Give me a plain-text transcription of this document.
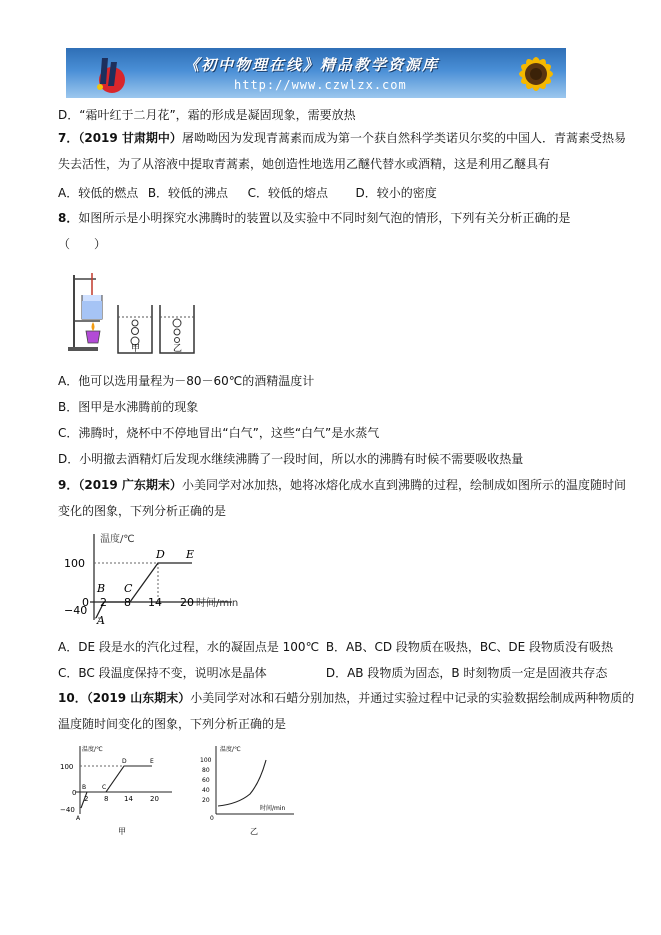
《初中物理在线》精品教学资源库
http://www.czwlzx.com
D．“霜叶红于二月花”，霜的形成是凝固现象，需要放热
7．（2019 甘肃期中）屠呦呦因为发现青蒿素而成为第一个获自然科学类诺贝尔奖的中国人．青蒿素受热易
失去活性，为了从溶液中提取青蒿素，她创造性地选用乙醚代替水或酒精，这是利用乙醚具有
A．较低的燃点 B．较低的沸点 C．较低的熔点 D．较小的密度
8．如图所示是小明探究水沸腾时的装置以及实验中不同时刻气泡的情形，下列有关分析正确的是
（　　）
甲	乙
A．他可以选用量程为－80－60℃的酒精温度计
B．图甲是水沸腾前的现象
C．沸腾时，烧杯中不停地冒出“白气”，这些“白气”是水蒸气
D．小明撤去酒精灯后发现水继续沸腾了一段时间，所以水的沸腾有时候不需要吸收热量
9．（2019 广东期末）小美同学对冰加热，她将冰熔化成水直到沸腾的过程，绘制成如图所示的温度随时间
变化的图象，下列分析正确的是
100
0
−40
2 8 14 20
A
B C
D E
温度/℃
时间/min
A．DE 段是水的汽化过程，水的凝固点是 100℃ B．AB、CD 段物质在吸热，BC、DE 段物质没有吸热
C．BC 段温度保持不变，说明冰是晶体	D．AB 段物质为固态，B 时刻物质一定是固液共存态
10．（2019 山东期末）小美同学对冰和石蜡分别加热，并通过实验过程中记录的实验数据绘制成两种物质的
温度随时间变化的图象，下列分析正确的是
温度/℃
100
0
−40
2 8 14 20
A
B	C
D	E
甲
温度/℃
100
80
60
40
20
0
时间/min
乙
